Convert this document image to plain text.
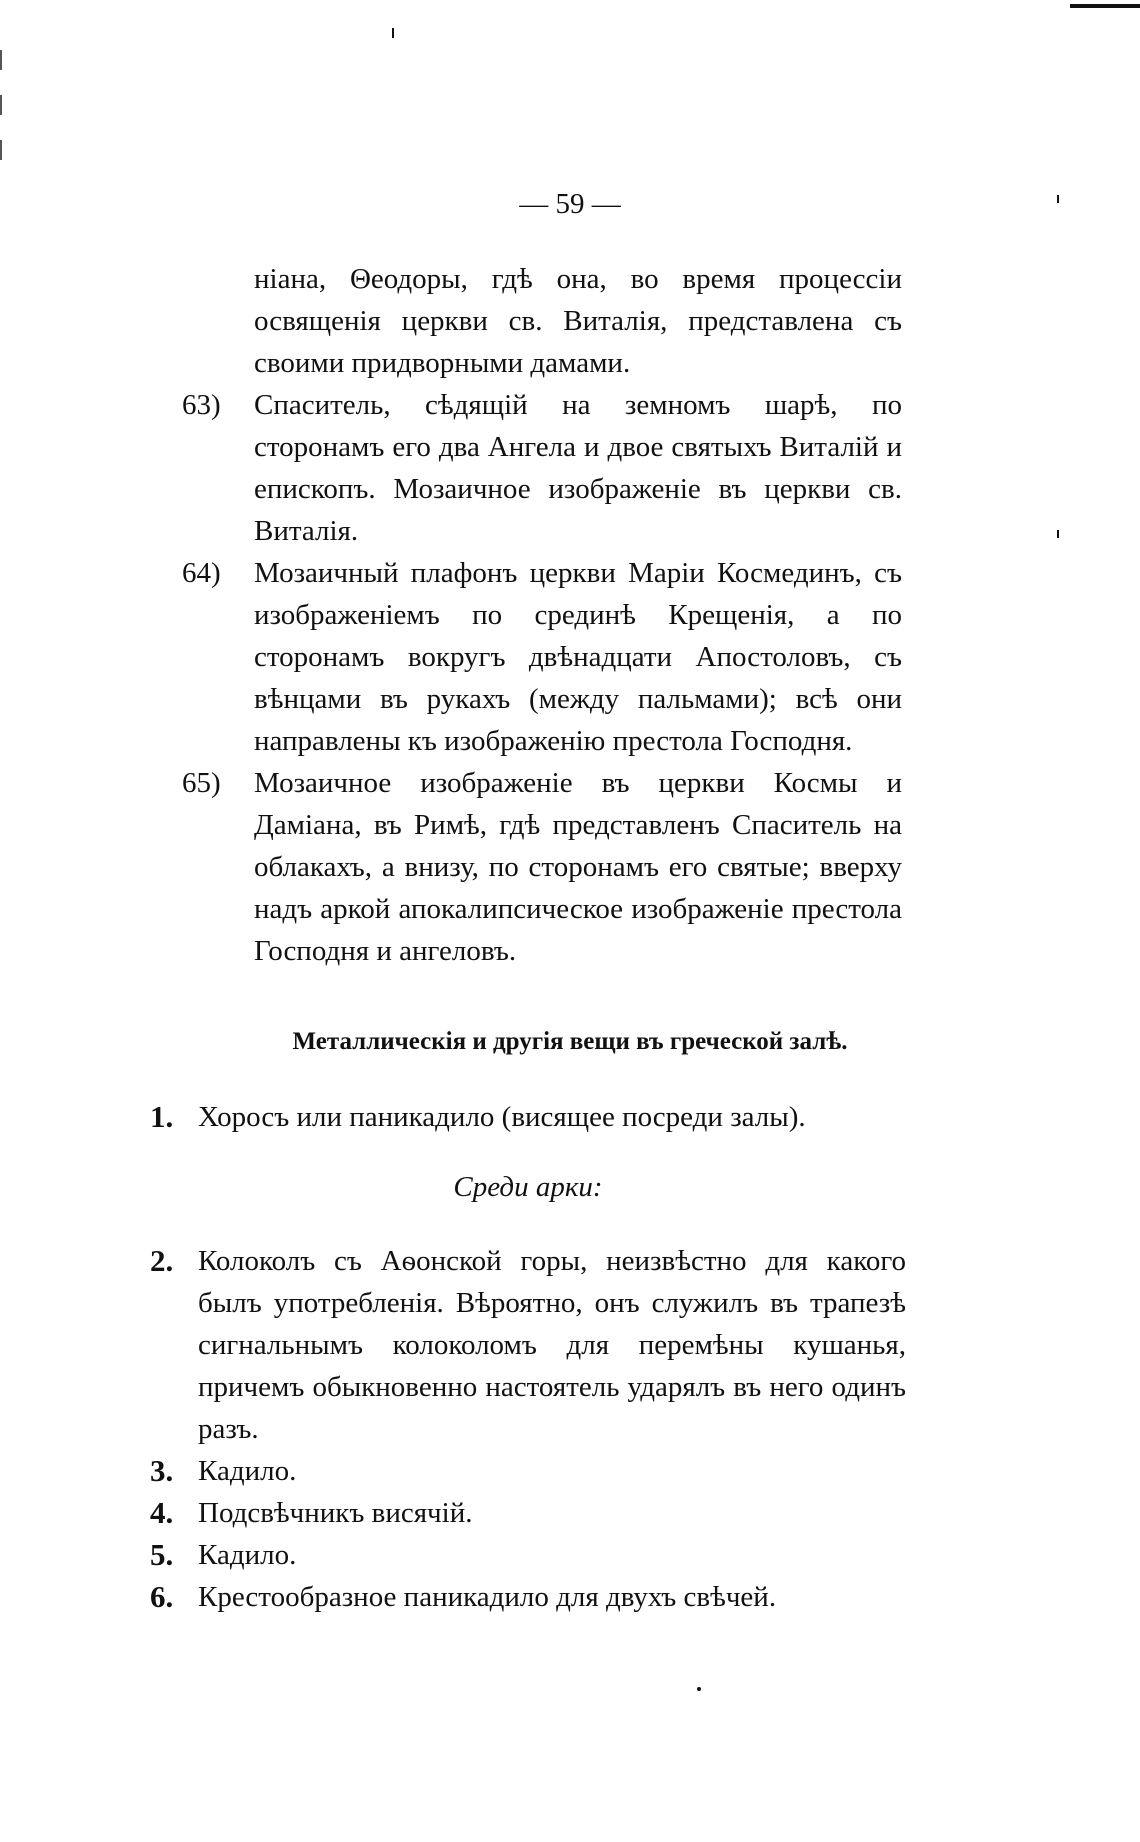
— 59 —

ніана, Θеодоры, гдѣ она, во время процессіи освященія церкви св. Виталія, представлена съ своими придворными дамами.

63) Спаситель, сѣдящій на земномъ шарѣ, по сторонамъ его два Ангела и двое святыхъ Виталій и епископъ. Мозаичное изображеніе въ церкви св. Виталія.

64) Мозаичный плафонъ церкви Маріи Космединъ, съ изображеніемъ по срединѣ Крещенія, а по сторонамъ вокругъ двѣнадцати Апостоловъ, съ вѣнцами въ рукахъ (между пальмами); всѣ они направлены къ изображенію престола Господня.

65) Мозаичное изображеніе въ церкви Космы и Даміана, въ Римѣ, гдѣ представленъ Спаситель на облакахъ, а внизу, по сторонамъ его святые; вверху надъ аркой апокалипсическое изображеніе престола Господня и ангеловъ.

Металлическія и другія вещи въ греческой залѣ.

1. Хоросъ или паникадило (висящее посреди залы).

Среди арки:

2. Колоколъ съ Аѳонской горы, неизвѣстно для какого былъ употребленія. Вѣроятно, онъ служилъ въ трапезѣ сигнальнымъ колоколомъ для перемѣны кушанья, причемъ обыкновенно настоятель ударялъ въ него одинъ разъ.

3. Кадило.

4. Подсвѣчникъ висячій.

5. Кадило.

6. Крестообразное паникадило для двухъ свѣчей.
